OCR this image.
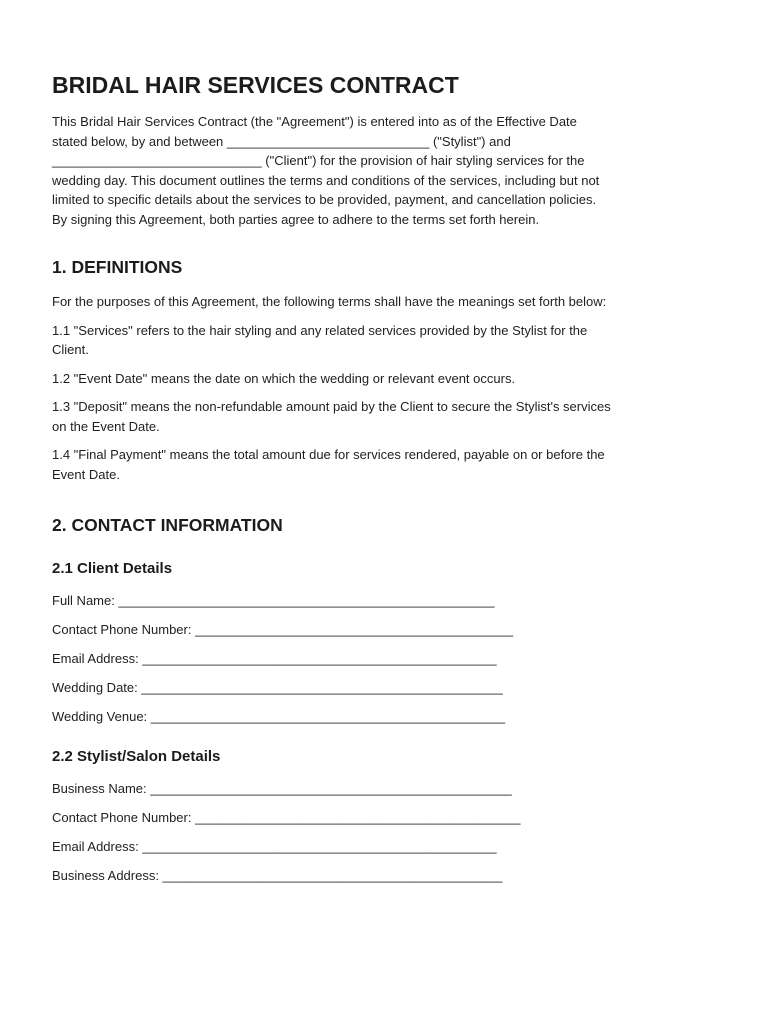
BRIDAL HAIR SERVICES CONTRACT

This Bridal Hair Services Contract (the "Agreement") is entered into as of the Effective Date

stated below, by and between ____________________________ ("Stylist") and

_____________________________ ("Client") for the provision of hair styling services for the

wedding day. This document outlines the terms and conditions of the services, including but not

limited to specific details about the services to be provided, payment, and cancellation policies.

By signing this Agreement, both parties agree to adhere to the terms set forth herein.

1. DEFINITIONS

For the purposes of this Agreement, the following terms shall have the meanings set forth below:

1.1 "Services" refers to the hair styling and any related services provided by the Stylist for the

Client.

1.2 "Event Date" means the date on which the wedding or relevant event occurs.

1.3 "Deposit" means the non-refundable amount paid by the Client to secure the Stylist's services

on the Event Date.

1.4 "Final Payment" means the total amount due for services rendered, payable on or before the

Event Date.

2. CONTACT INFORMATION
2.1 Client Details

Full Name: ____________________________________________________

Contact Phone Number: ____________________________________________

Email Address: _________________________________________________

Wedding Date: __________________________________________________

Wedding Venue: _________________________________________________

2.2 Stylist/Salon Details

Business Name: __________________________________________________

Contact Phone Number: _____________________________________________

Email Address: _________________________________________________

Business Address: _______________________________________________
